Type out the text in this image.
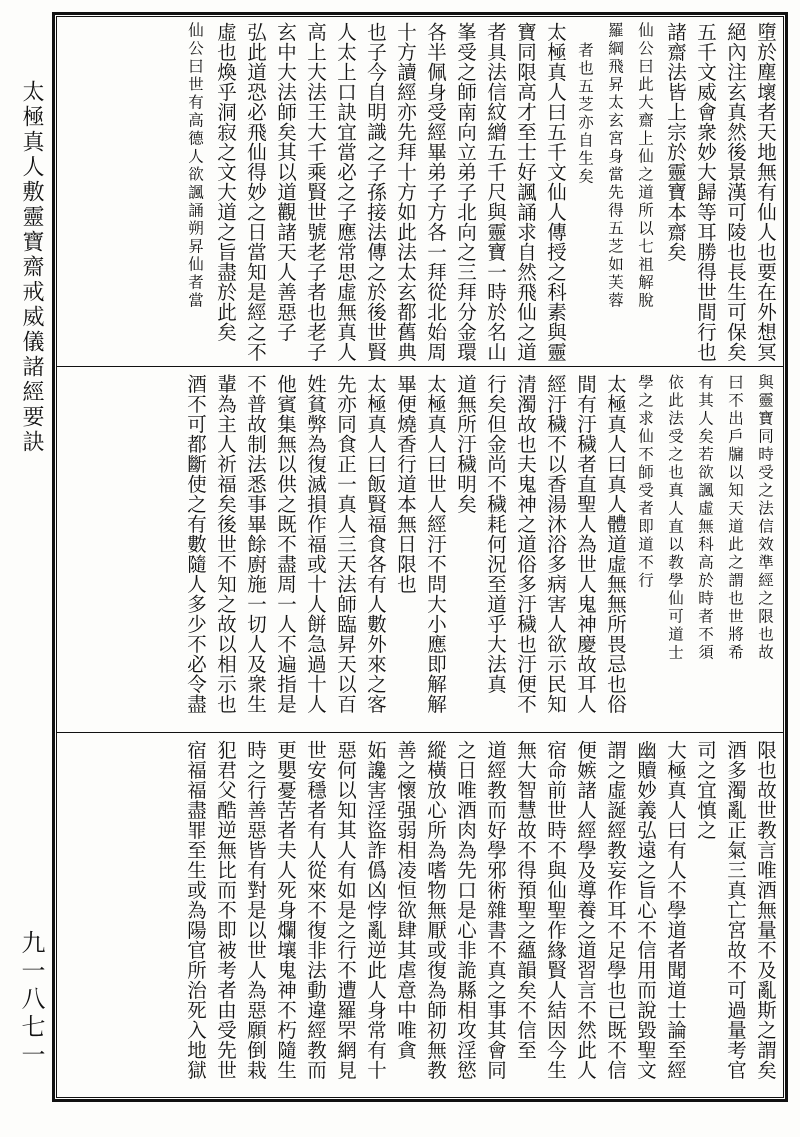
太極真人敷靈寶齋戒威儀諸經要訣
九一八七一
墮於塵壞者天地無有仙人也要在外想冥
絕內注玄真然後景漢可陵也長生可保矣
五千文威會衆妙大歸等耳勝得世間行也
諸齋法皆上宗於靈寶本齋矣
仙公曰此大齋上仙之道所以七祖解脫
羅綱飛昇太玄宮身當先得五芝如芙蓉
者也五芝亦自生矣
太極真人曰五千文仙人傳授之科素與靈
寶同限高才至士好諷誦求自然飛仙之道
者具法信紋繒五千尺與靈寶一時於名山
峯受之師南向立弟子北向之三拜分金環
各半佩身受經畢弟子方各一拜從北始周
十方讀經亦先拜十方如此法太玄都舊典
也子今自明識之子孫接法傳之於後世賢
人太上口訣宜當必之子應常思虛無真人
高上大法王大千乘賢世號老子者也老子
玄中大法師矣其以道觀諸天人善惡子
弘此道恐必飛仙得妙之日當知是經之不
虛也煥乎洞寂之文大道之旨盡於此矣
仙公曰世有高德人欲諷誦朔昇仙者當
與靈寶同時受之法信效準經之限也故
曰不出戶牖以知天道此之謂也世將希
有其人矣若欲諷虛無科高於時者不須
依此法受之也真人直以教學仙可道士
學之求仙不師受者即道不行
太極真人曰真人體道虛無無所畏忌也俗
間有汙穢者直聖人為世人鬼神慶故耳人
經汙穢不以香湯沐浴多病害人欲示民知
清濁故也夫鬼神之道俗多汙穢也汙便不
行矣但金尚不穢耗何況至道乎大法真
道無所汙穢明矣
太極真人曰世人經汙不問大小應即解解
畢便燒香行道本無日限也
太極真人曰飯賢福食各有人數外來之客
先亦同食正一真人三天法師臨昇天以百
姓貧弊為復滅損作福或十人餅急過十人
他賓集無以供之既不盡周一人不遍指是
不普故制法悉事畢餘廚施一切人及衆生
輩為主人祈福矣後世不知之故以相示也
酒不可都斷使之有數隨人多少不必令盡
限也故世教言唯酒無量不及亂斯之謂矣
酒多濁亂正氣三真亡宮故不可過量考官
司之宜慎之
大極真人曰有人不學道者聞道士論至經
幽贖妙義弘遠之旨心不信用而說毀聖文
謂之虛誕經教妄作耳不足學也已既不信
便嫉諸人經學及導養之道習言不然此人
宿命前世時不與仙聖作緣賢人結因今生
無大智慧故不得預聖之蘊韻矣不信至
道經教而好學邪術雜書不真之事其會同
之日唯酒肉為先口是心非詭縣相攻淫慾
縱橫放心所為嗜物無厭或復為師初無教
善之懷强弱相凌恒欲肆其虐意中唯貪
妬讒害淫盜詐僞凶悖亂逆此人身常有十
惡何以知其人有如是之行不遭羅罘網見
世安穩者有人從來不復非法動違經教而
更嬰憂苦者夫人死身爛壤鬼神不朽隨生
時之行善惡皆有對是以世人為惡願倒栽
犯君父酷逆無比而不即被考者由受先世
宿福福盡罪至生或為陽官所治死入地獄
